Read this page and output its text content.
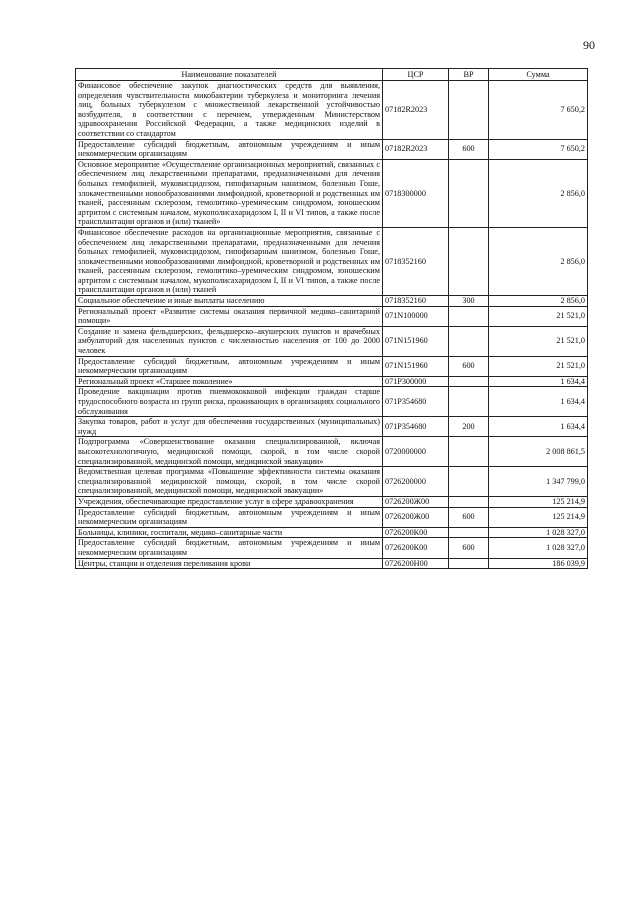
90
Наименование показателей	ЦСР	ВР	Сумма
Финансовое обеспечение закупок диагностических средств для выявления, определения чувствительности микобактерии туберкулеза и мониторинга лечения лиц, больных туберкулезом с множественной лекарственной устойчивостью возбудителя, в соответствии с перечнем, утвержденным Министерством здравоохранения Российской Федерации, а также медицинских изделий в соответствии со стандартом	07182R2023		7 650,2
Предоставление субсидий бюджетным, автономным учреждениям и иным некоммерческим организациям	07182R2023	600	7 650,2
Основное мероприятие «Осуществление организационных мероприятий, связанных с обеспечением лиц лекарственными препаратами, предназначенными для лечения больных гемофилией, муковисцидозом, гипофизарным нанизмом, болезнью Гоше, злокачественными новообразованиями лимфоидной, кроветворной и родственных им тканей, рассеянным склерозом, гемолитико–уремическим синдромом, юношеским артритом с системным началом, мукополисахаридозом I, II и VI типов, а также после трансплантации органов и (или) тканей»	0718300000		2 856,0
Финансовое обеспечение расходов на организационные мероприятия, связанные с обеспечением лиц лекарственными препаратами, предназначенными для лечения больных гемофилией, муковисцидозом, гипофизарным нанизмом, болезнью Гоше, злокачественными новообразованиями лимфоидной, кроветворной и родственных им тканей, рассеянным склерозом, гемолитико–уремическим синдромом, юношеским артритом с системным началом, мукополисахаридозом I, II и VI типов, а также после трансплантации органов и (или) тканей	0718352160		2 856,0
Социальное обеспечение и иные выплаты населению	0718352160	300	2 856,0
Региональный проект «Развитие системы оказания первичной медико–санитарной помощи»	071N100000		21 521,0
Создание и замена фельдшерских, фельдшерско–акушерских пунктов и врачебных амбулаторий для населенных пунктов с численностью населения от 100 до 2000 человек	071N151960		21 521,0
Предоставление субсидий бюджетным, автономным учреждениям и иным некоммерческим организациям	071N151960	600	21 521,0
Региональный проект «Старшее поколение»	071P300000		1 634,4
Проведение вакцинации против пневмококковой инфекции граждан старше трудоспособного возраста из групп риска, проживающих в организациях социального обслуживания	071P354680		1 634,4
Закупка товаров, работ и услуг для обеспечения государственных (муниципальных) нужд	071P354680	200	1 634,4
Подпрограмма «Совершенствование оказания специализированной, включая высокотехнологичную, медицинской помощи, скорой, в том числе скорой специализированной, медицинской помощи, медицинской эвакуации»	0720000000		2 008 861,5
Ведомственная целевая программа «Повышение эффективности системы оказания специализированной медицинской помощи, скорой, в том числе скорой специализированной, медицинской помощи, медицинской эвакуации»	0726200000		1 347 799,0
Учреждения, обеспечивающие предоставление услуг в сфере здравоохранения	0726200Ж00		125 214,9
Предоставление субсидий бюджетным, автономным учреждениям и иным некоммерческим организациям	0726200Ж00	600	125 214,9
Больницы, клиники, госпитали, медико–санитарные части	0726200К00		1 028 327,0
Предоставление субсидий бюджетным, автономным учреждениям и иным некоммерческим организациям	0726200К00	600	1 028 327,0
Центры, станции и отделения переливания крови	0726200Н00		186 039,9
